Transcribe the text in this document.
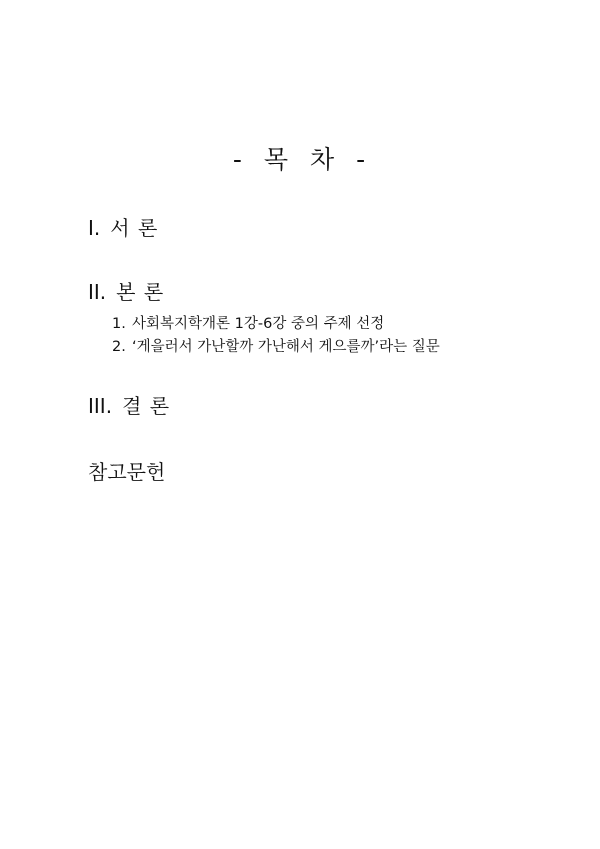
- 목 차 -
I. 서 론
II. 본 론
1. 사회복지학개론 1강-6강 중의 주제 선정
2. ‘게을러서 가난할까 가난해서 게으를까’라는 질문
III. 결 론
참고문헌
